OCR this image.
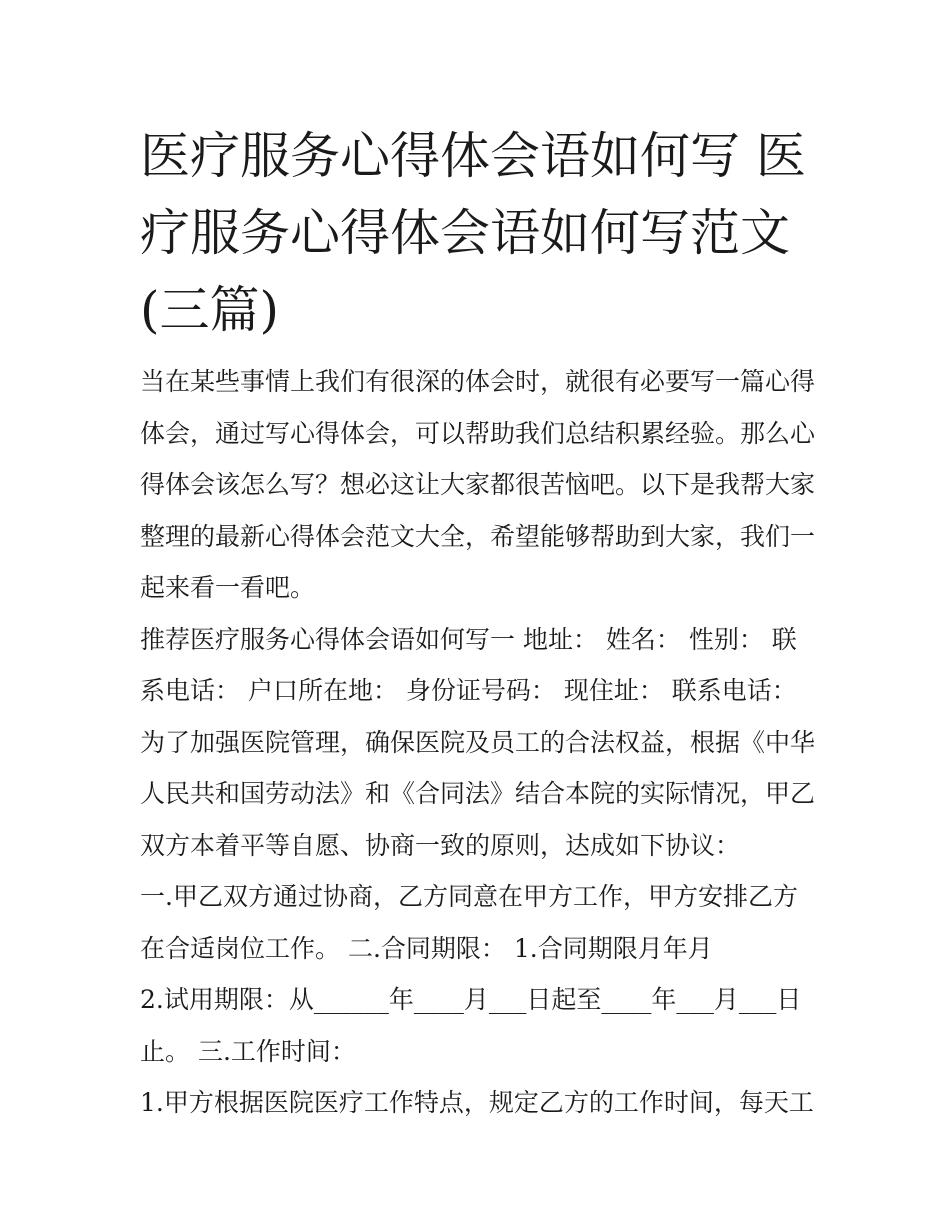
医疗服务心得体会语如何写 医
疗服务心得体会语如何写范文
(三篇)
当在某些事情上我们有很深的体会时，就很有必要写一篇心得
体会，通过写心得体会，可以帮助我们总结积累经验。那么心
得体会该怎么写？想必这让大家都很苦恼吧。以下是我帮大家
整理的最新心得体会范文大全，希望能够帮助到大家，我们一
起来看一看吧。
推荐医疗服务心得体会语如何写一 地址： 姓名： 性别： 联
系电话： 户口所在地： 身份证号码： 现住址： 联系电话：
为了加强医院管理，确保医院及员工的合法权益，根据《中华
人民共和国劳动法》和《合同法》结合本院的实际情况，甲乙
双方本着平等自愿、协商一致的原则，达成如下协议：
一.甲乙双方通过协商，乙方同意在甲方工作，甲方安排乙方
在合适岗位工作。 二.合同期限： 1.合同期限月年月
2.试用期限：从______年____月___日起至____年___月___日
止。 三.工作时间：
1.甲方根据医院医疗工作特点，规定乙方的工作时间，每天工
